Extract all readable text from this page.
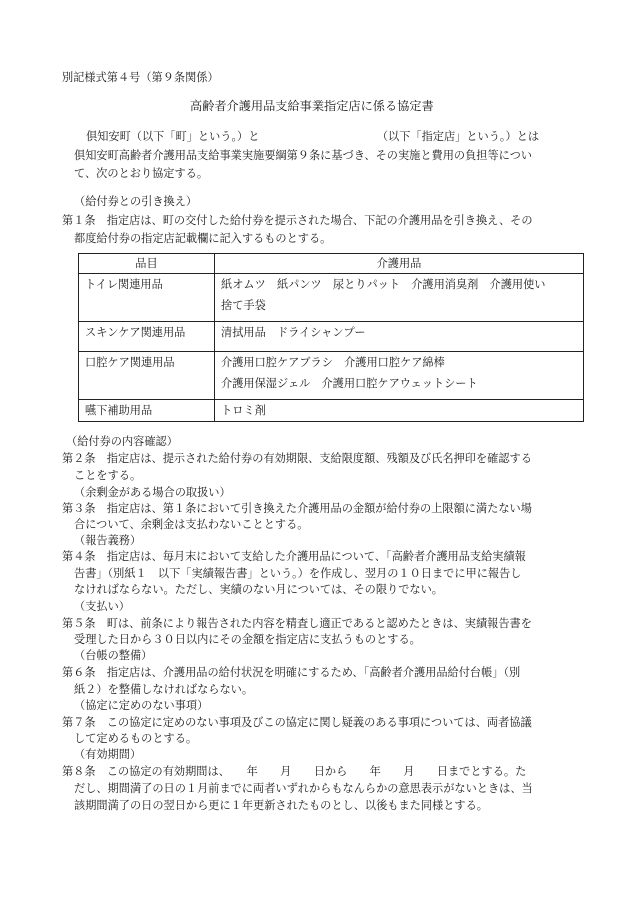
別記様式第４号（第９条関係）
高齢者介護用品支給事業指定店に係る協定書
倶知安町（以下「町」という。）と　　　　　　　　　　　（以下「指定店」という。）とは
倶知安町高齢者介護用品支給事業実施要綱第９条に基づき、その実施と費用の負担等につい
て、次のとおり協定する。
（給付券との引き換え）
第１条　指定店は、町の交付した給付券を提示された場合、下記の介護用品を引き換え、その
都度給付券の指定店記載欄に記入するものとする。
品目	介護用品
トイレ関連用品	紙オムツ　紙パンツ　尿とりパット　介護用消臭剤　介護用使い
捨て手袋

スキンケア関連用品	清拭用品　ドライシャンプー

口腔ケア関連用品	介護用口腔ケアブラシ　介護用口腔ケア綿棒
介護用保湿ジェル　介護用口腔ケアウェットシート

嚥下補助用品	トロミ剤
（給付券の内容確認）
第２条　指定店は、提示された給付券の有効期限、支給限度額、残額及び氏名押印を確認する
ことをする。
（余剰金がある場合の取扱い）
第３条　指定店は、第１条において引き換えた介護用品の金額が給付券の上限額に満たない場
合について、余剰金は支払わないこととする。
（報告義務）
第４条　指定店は、毎月末において支給した介護用品について、「高齢者介護用品支給実績報
告書」（別紙１　以下「実績報告書」という。）を作成し、翌月の１０日までに甲に報告し
なければならない。ただし、実績のない月については、その限りでない。
（支払い）
第５条　町は、前条により報告された内容を精査し適正であると認めたときは、実績報告書を
受理した日から３０日以内にその金額を指定店に支払うものとする。
（台帳の整備）
第６条　指定店は、介護用品の給付状況を明確にするため、「高齢者介護用品給付台帳」（別
紙２）を整備しなければならない。
（協定に定めのない事項）
第７条　この協定に定めのない事項及びこの協定に関し疑義のある事項については、両者協議
して定めるものとする。
（有効期間）
第８条　この協定の有効期間は、　　年　　月　　日から　　年　　月　　日までとする。た
だし、期間満了の日の１月前までに両者いずれからもなんらかの意思表示がないときは、当
該期間満了の日の翌日から更に１年更新されたものとし、以後もまた同様とする。
